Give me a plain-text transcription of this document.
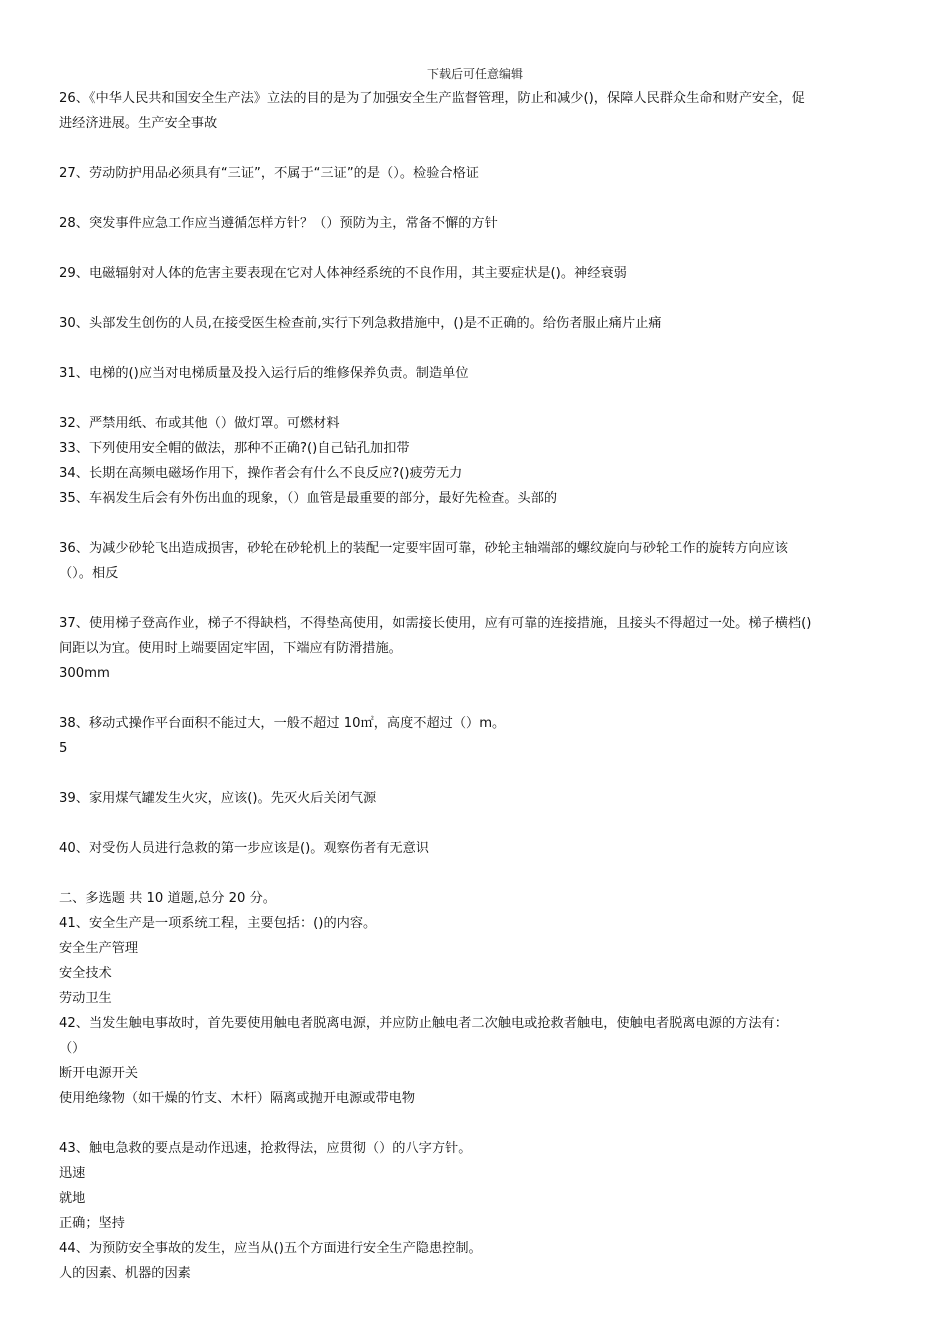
下载后可任意编辑
26、《中华人民共和国安全生产法》立法的目的是为了加强安全生产监督管理，防止和减少()，保障人民群众生命和财产安全，促
进经济进展。生产安全事故
27、劳动防护用品必须具有“三证”，不属于“三证”的是（）。检验合格证
28、突发事件应急工作应当遵循怎样方针？（）预防为主，常备不懈的方针
29、电磁辐射对人体的危害主要表现在它对人体神经系统的不良作用，其主要症状是()。神经衰弱
30、头部发生创伤的人员,在接受医生检查前,实行下列急救措施中，()是不正确的。给伤者服止痛片止痛
31、电梯的()应当对电梯质量及投入运行后的维修保养负责。制造单位
32、严禁用纸、布或其他（）做灯罩。可燃材料
33、下列使用安全帽的做法，那种不正确?()自己钻孔加扣带
34、长期在高频电磁场作用下，操作者会有什么不良反应?()疲劳无力
35、车祸发生后会有外伤出血的现象，（）血管是最重要的部分，最好先检查。头部的
36、为减少砂轮飞出造成损害，砂轮在砂轮机上的装配一定要牢固可靠，砂轮主轴端部的螺纹旋向与砂轮工作的旋转方向应该
（）。相反
37、使用梯子登高作业，梯子不得缺档，不得垫高使用，如需接长使用，应有可靠的连接措施，且接头不得超过一处。梯子横档()
间距以为宜。使用时上端要固定牢固，下端应有防滑措施。
300mm
38、移动式操作平台面积不能过大，一般不超过 10㎡，高度不超过（）m。
5
39、家用煤气罐发生火灾，应该()。先灭火后关闭气源
40、对受伤人员进行急救的第一步应该是()。观察伤者有无意识
二、多选题 共 10 道题,总分 20 分。
41、安全生产是一项系统工程，主要包括：()的内容。
安全生产管理
安全技术
劳动卫生
42、当发生触电事故时，首先要使用触电者脱离电源，并应防止触电者二次触电或抢救者触电，使触电者脱离电源的方法有：
（）
断开电源开关
使用绝缘物（如干燥的竹支、木杆）隔离或抛开电源或带电物
43、触电急救的要点是动作迅速，抢救得法，应贯彻（）的八字方针。
迅速
就地
正确；坚持
44、为预防安全事故的发生，应当从()五个方面进行安全生产隐患控制。
人的因素、机器的因素
